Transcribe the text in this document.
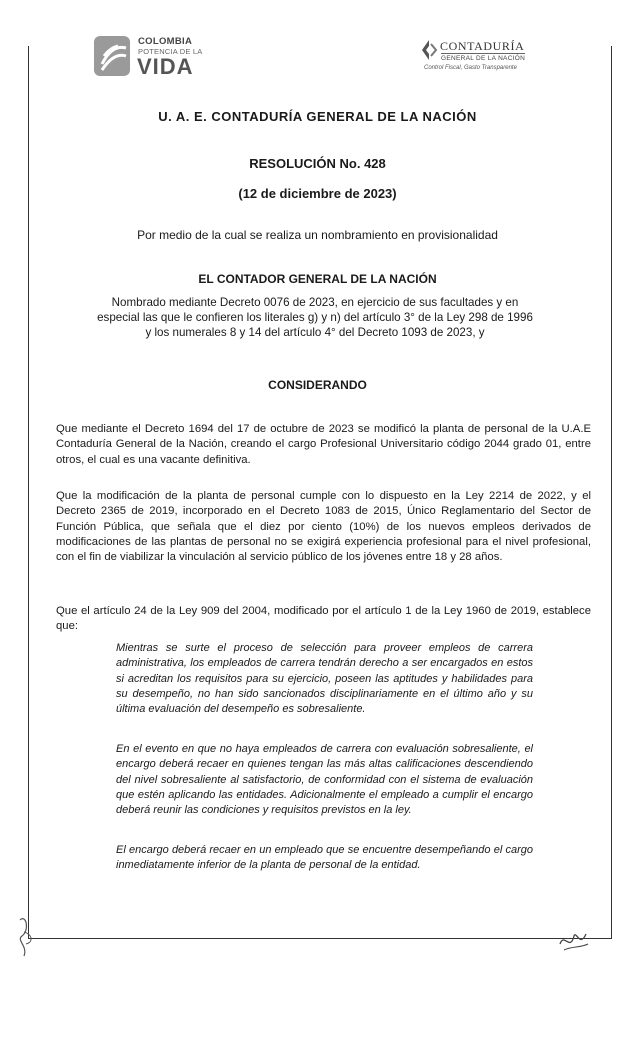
COLOMBIA
POTENCIA DE LA
VIDA
CONTADURÍA
GENERAL DE LA NACIÓN
Control Fiscal, Gasto Transparente
U. A. E. CONTADURÍA GENERAL DE LA NACIÓN
RESOLUCIÓN No. 428
(12 de diciembre de 2023)
Por medio de la cual se realiza un nombramiento en provisionalidad
EL CONTADOR GENERAL DE LA NACIÓN
Nombrado mediante Decreto 0076 de 2023, en ejercicio de sus facultades y en especial las que le confieren los literales g) y n) del artículo 3° de la Ley 298 de 1996 y los numerales 8 y 14 del artículo 4° del Decreto 1093 de 2023, y
CONSIDERANDO
Que mediante el Decreto 1694 del 17 de octubre de 2023 se modificó la planta de personal de la U.A.E Contaduría General de la Nación, creando el cargo Profesional Universitario código 2044 grado 01, entre otros, el cual es una vacante definitiva.
Que la modificación de la planta de personal cumple con lo dispuesto en la Ley 2214 de 2022, y el Decreto 2365 de 2019, incorporado en el Decreto 1083 de 2015, Único Reglamentario del Sector de Función Pública, que señala que el diez por ciento (10%) de los nuevos empleos derivados de modificaciones de las plantas de personal no se exigirá experiencia profesional para el nivel profesional, con el fin de viabilizar la vinculación al servicio público de los jóvenes entre 18 y 28 años.
Que el artículo 24 de la Ley 909 del 2004, modificado por el artículo 1 de la Ley 1960 de 2019, establece que:
Mientras se surte el proceso de selección para proveer empleos de carrera administrativa, los empleados de carrera tendrán derecho a ser encargados en estos si acreditan los requisitos para su ejercicio, poseen las aptitudes y habilidades para su desempeño, no han sido sancionados disciplinariamente en el último año y su última evaluación del desempeño es sobresaliente.
En el evento en que no haya empleados de carrera con evaluación sobresaliente, el encargo deberá recaer en quienes tengan las más altas calificaciones descendiendo del nivel sobresaliente al satisfactorio, de conformidad con el sistema de evaluación que estén aplicando las entidades. Adicionalmente el empleado a cumplir el encargo deberá reunir las condiciones y requisitos previstos en la ley.
El encargo deberá recaer en un empleado que se encuentre desempeñando el cargo inmediatamente inferior de la planta de personal de la entidad.
